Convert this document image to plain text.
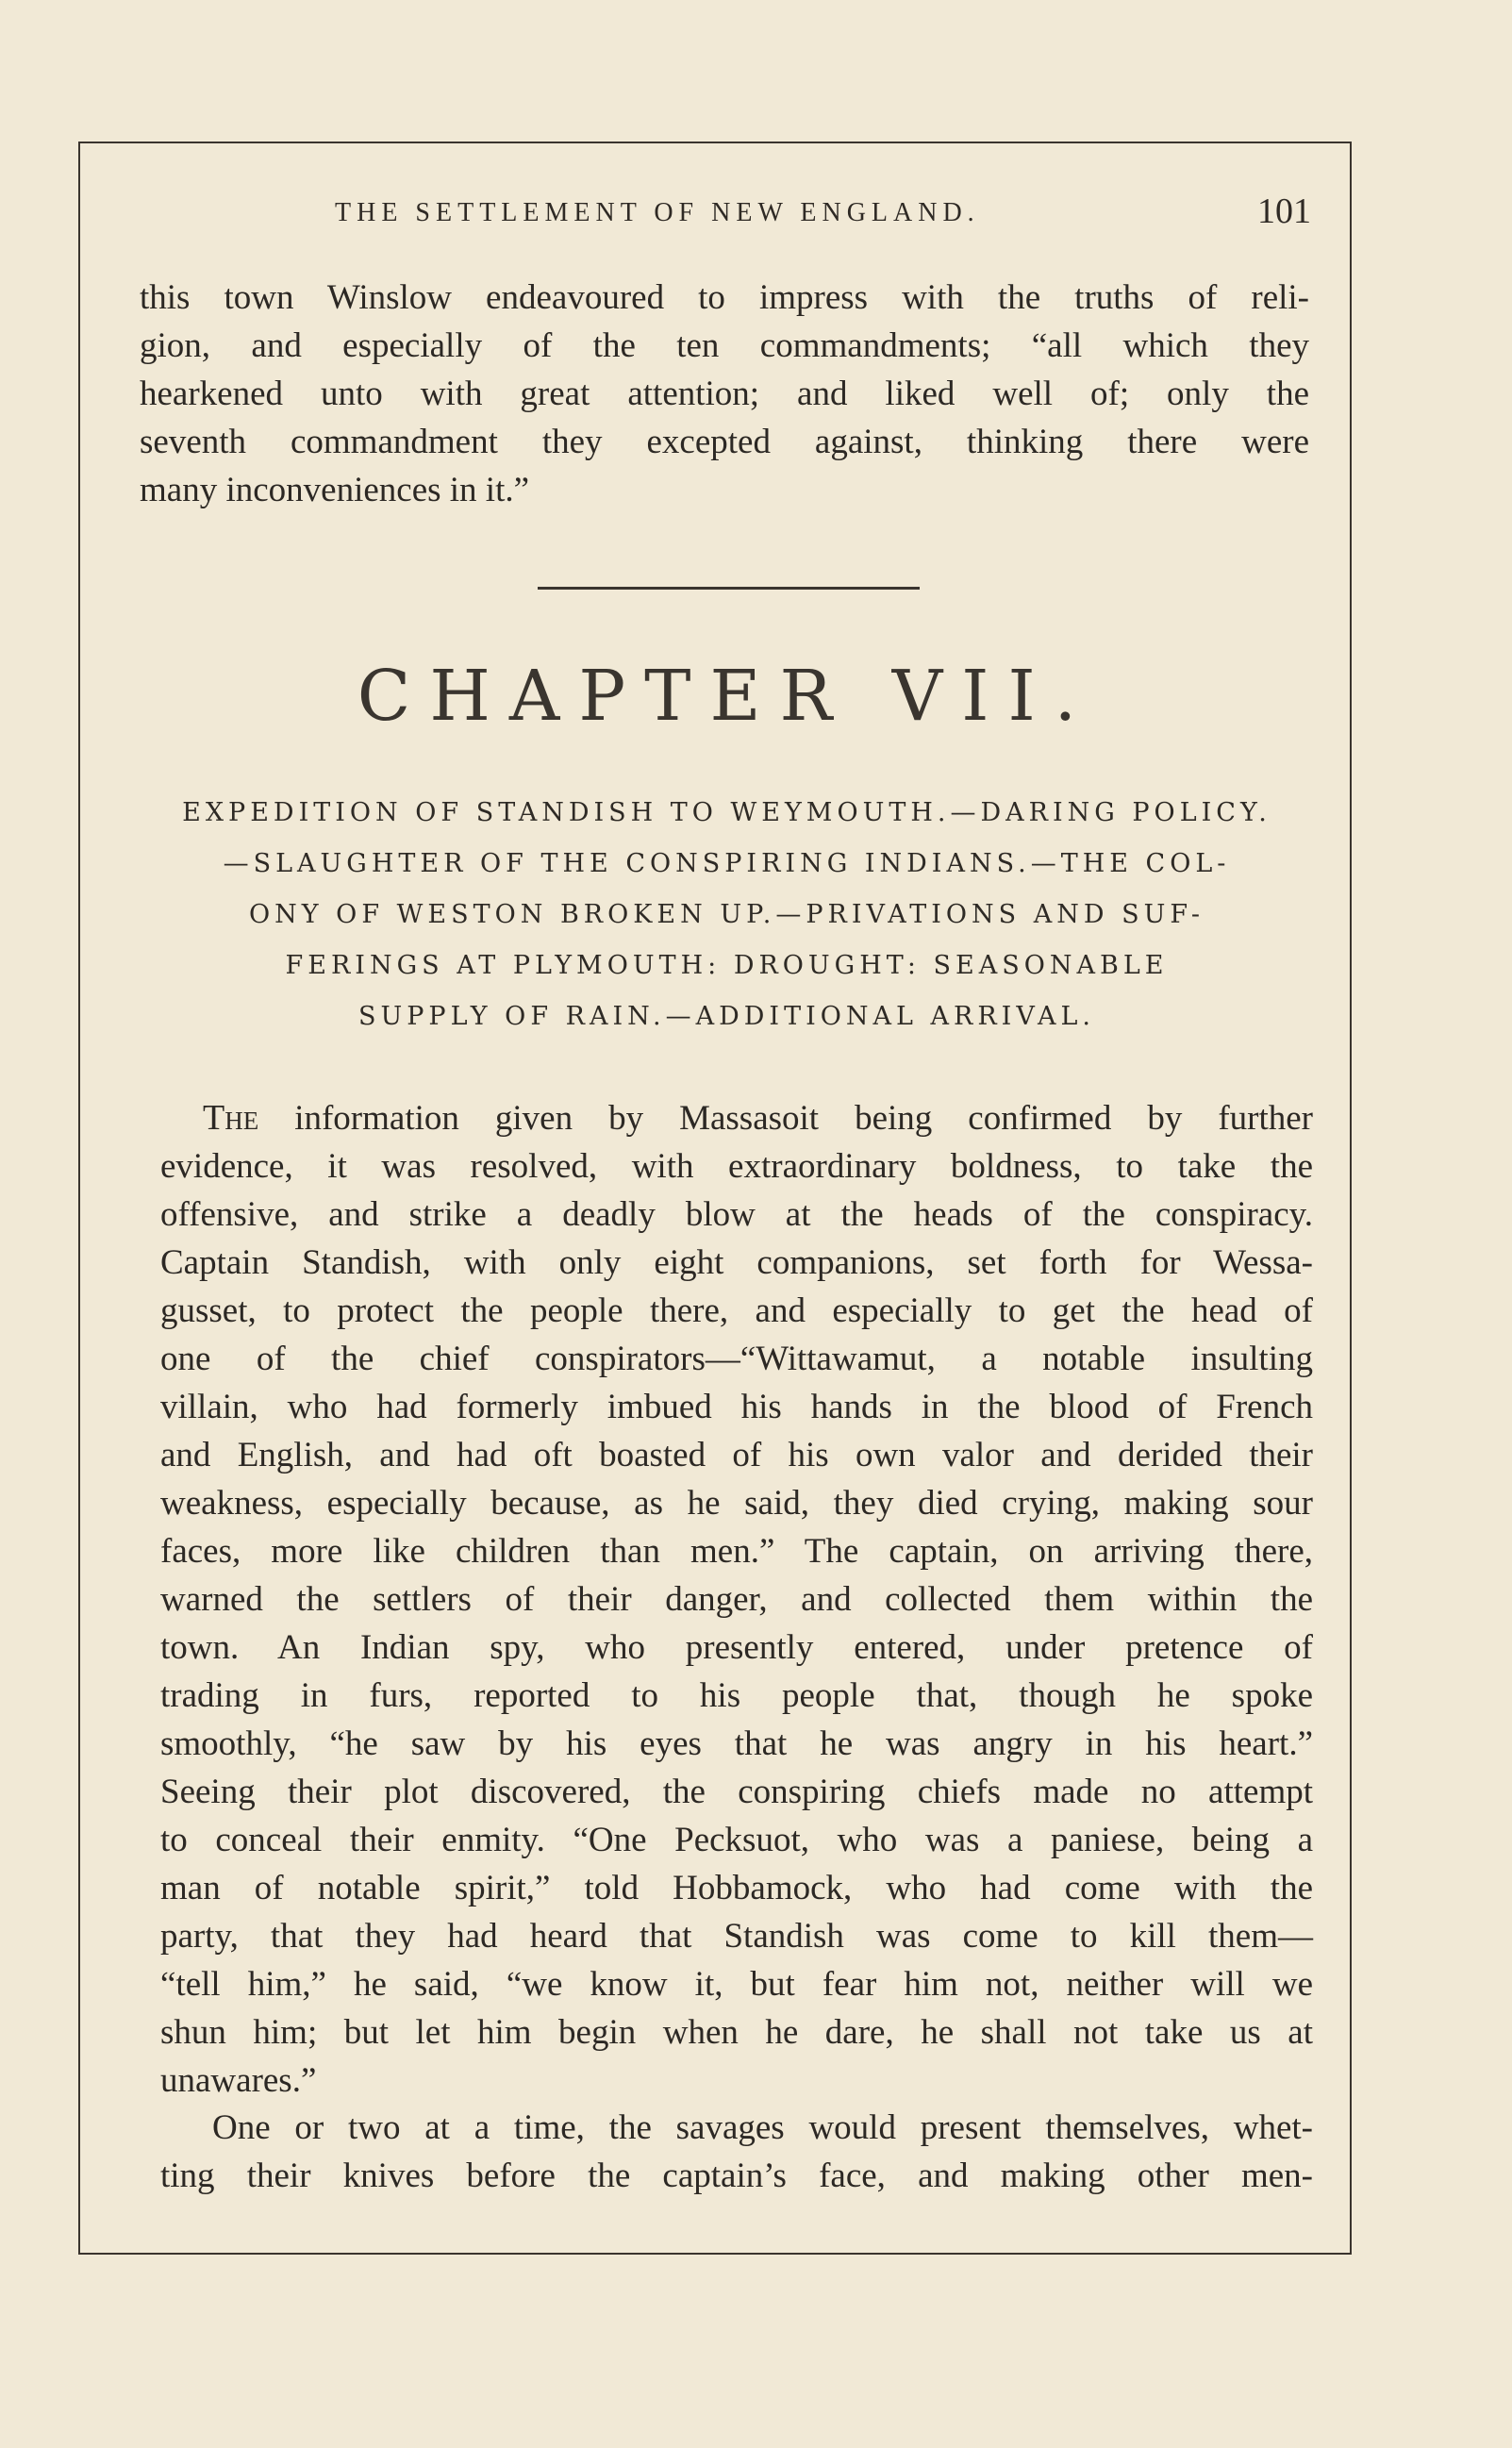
THE SETTLEMENT OF NEW ENGLAND.	101
this town Winslow endeavoured to impress with the truths of reli-
gion, and especially of the ten commandments; “all which they
hearkened unto with great attention; and liked well of; only the
seventh commandment they excepted against, thinking there were
many inconveniences in it.”
CHAPTER VII.
EXPEDITION OF STANDISH TO WEYMOUTH.—DARING POLICY.
—SLAUGHTER OF THE CONSPIRING INDIANS.—THE COL-
ONY OF WESTON BROKEN UP.—PRIVATIONS AND SUF-
FERINGS AT PLYMOUTH: DROUGHT: SEASONABLE
SUPPLY OF RAIN.—ADDITIONAL ARRIVAL.
The information given by Massasoit being confirmed by further
evidence, it was resolved, with extraordinary boldness, to take the
offensive, and strike a deadly blow at the heads of the conspiracy.
Captain Standish, with only eight companions, set forth for Wessa-
gusset, to protect the people there, and especially to get the head of
one of the chief conspirators—“Wittawamut, a notable insulting
villain, who had formerly imbued his hands in the blood of French
and English, and had oft boasted of his own valor and derided their
weakness, especially because, as he said, they died crying, making sour
faces, more like children than men.” The captain, on arriving there,
warned the settlers of their danger, and collected them within the
town. An Indian spy, who presently entered, under pretence of
trading in furs, reported to his people that, though he spoke
smoothly, “he saw by his eyes that he was angry in his heart.”
Seeing their plot discovered, the conspiring chiefs made no attempt
to conceal their enmity. “One Pecksuot, who was a paniese, being a
man of notable spirit,” told Hobbamock, who had come with the
party, that they had heard that Standish was come to kill them—
“tell him,” he said, “we know it, but fear him not, neither will we
shun him; but let him begin when he dare, he shall not take us at
unawares.”
One or two at a time, the savages would present themselves, whet-
ting their knives before the captain’s face, and making other men-
